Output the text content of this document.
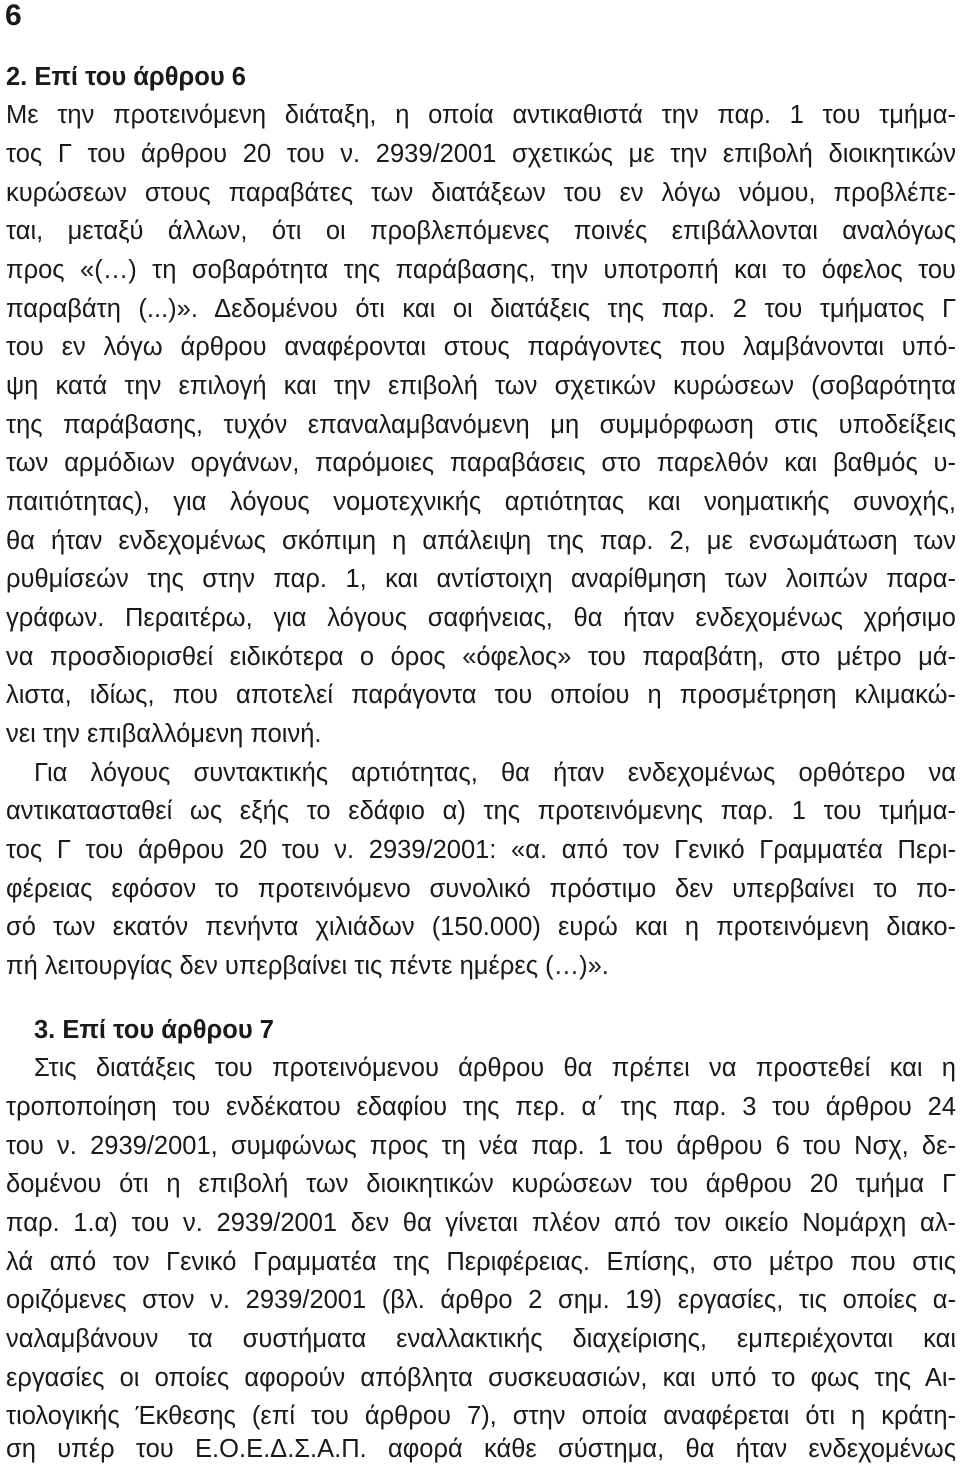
6
2. Επί του άρθρου 6
Με την προτεινόμενη διάταξη, η οποία αντικαθιστά την παρ. 1 του τμήμα-
τος Γ του άρθρου 20 του ν. 2939/2001 σχετικώς με την επιβολή διοικητικών
κυρώσεων στους παραβάτες των διατάξεων του εν λόγω νόμου, προβλέπε-
ται, μεταξύ άλλων, ότι οι προβλεπόμενες ποινές επιβάλλονται αναλόγως
προς «(…) τη σοβαρότητα της παράβασης, την υποτροπή και το όφελος του
παραβάτη (...)». Δεδομένου ότι και οι διατάξεις της παρ. 2 του τμήματος Γ
του εν λόγω άρθρου αναφέρονται στους παράγοντες που λαμβάνονται υπό-
ψη κατά την επιλογή και την επιβολή των σχετικών κυρώσεων (σοβαρότητα
της παράβασης, τυχόν επαναλαμβανόμενη μη συμμόρφωση στις υποδείξεις
των αρμόδιων οργάνων, παρόμοιες παραβάσεις στο παρελθόν και βαθμός υ-
παιτιότητας), για λόγους νομοτεχνικής αρτιότητας και νοηματικής συνοχής,
θα ήταν ενδεχομένως σκόπιμη η απάλειψη της παρ. 2, με ενσωμάτωση των
ρυθμίσεών της στην παρ. 1, και αντίστοιχη αναρίθμηση των λοιπών παρα-
γράφων. Περαιτέρω, για λόγους σαφήνειας, θα ήταν ενδεχομένως χρήσιμο
να προσδιορισθεί ειδικότερα ο όρος «όφελος» του παραβάτη, στο μέτρο μά-
λιστα, ιδίως, που αποτελεί παράγοντα του οποίου η προσμέτρηση κλιμακώ-
νει την επιβαλλόμενη ποινή.
Για λόγους συντακτικής αρτιότητας, θα ήταν ενδεχομένως ορθότερο να
αντικατασταθεί ως εξής το εδάφιο α) της προτεινόμενης παρ. 1 του τμήμα-
τος Γ του άρθρου 20 του ν. 2939/2001: «α. από τον Γενικό Γραμματέα Περι-
φέρειας εφόσον το προτεινόμενο συνολικό πρόστιμο δεν υπερβαίνει το πο-
σό των εκατόν πενήντα χιλιάδων (150.000) ευρώ και η προτεινόμενη διακο-
πή λειτουργίας δεν υπερβαίνει τις πέντε ημέρες (…)».
3. Επί του άρθρου 7
Στις διατάξεις του προτεινόμενου άρθρου θα πρέπει να προστεθεί και η
τροποποίηση του ενδέκατου εδαφίου της περ. α΄ της παρ. 3 του άρθρου 24
του ν. 2939/2001, συμφώνως προς τη νέα παρ. 1 του άρθρου 6 του Νσχ, δε-
δομένου ότι η επιβολή των διοικητικών κυρώσεων του άρθρου 20 τμήμα Γ
παρ. 1.α) του ν. 2939/2001 δεν θα γίνεται πλέον από τον οικείο Νομάρχη αλ-
λά από τον Γενικό Γραμματέα της Περιφέρειας. Επίσης, στο μέτρο που στις
οριζόμενες στον ν. 2939/2001 (βλ. άρθρο 2 σημ. 19) εργασίες, τις οποίες α-
ναλαμβάνουν τα συστήματα εναλλακτικής διαχείρισης, εμπεριέχονται και
εργασίες οι οποίες αφορούν απόβλητα συσκευασιών, και υπό το φως της Αι-
τιολογικής Έκθεσης (επί του άρθρου 7), στην οποία αναφέρεται ότι η κράτη-
ση υπέρ του Ε.Ο.Ε.Δ.Σ.Α.Π. αφορά κάθε σύστημα, θα ήταν ενδεχομένως
